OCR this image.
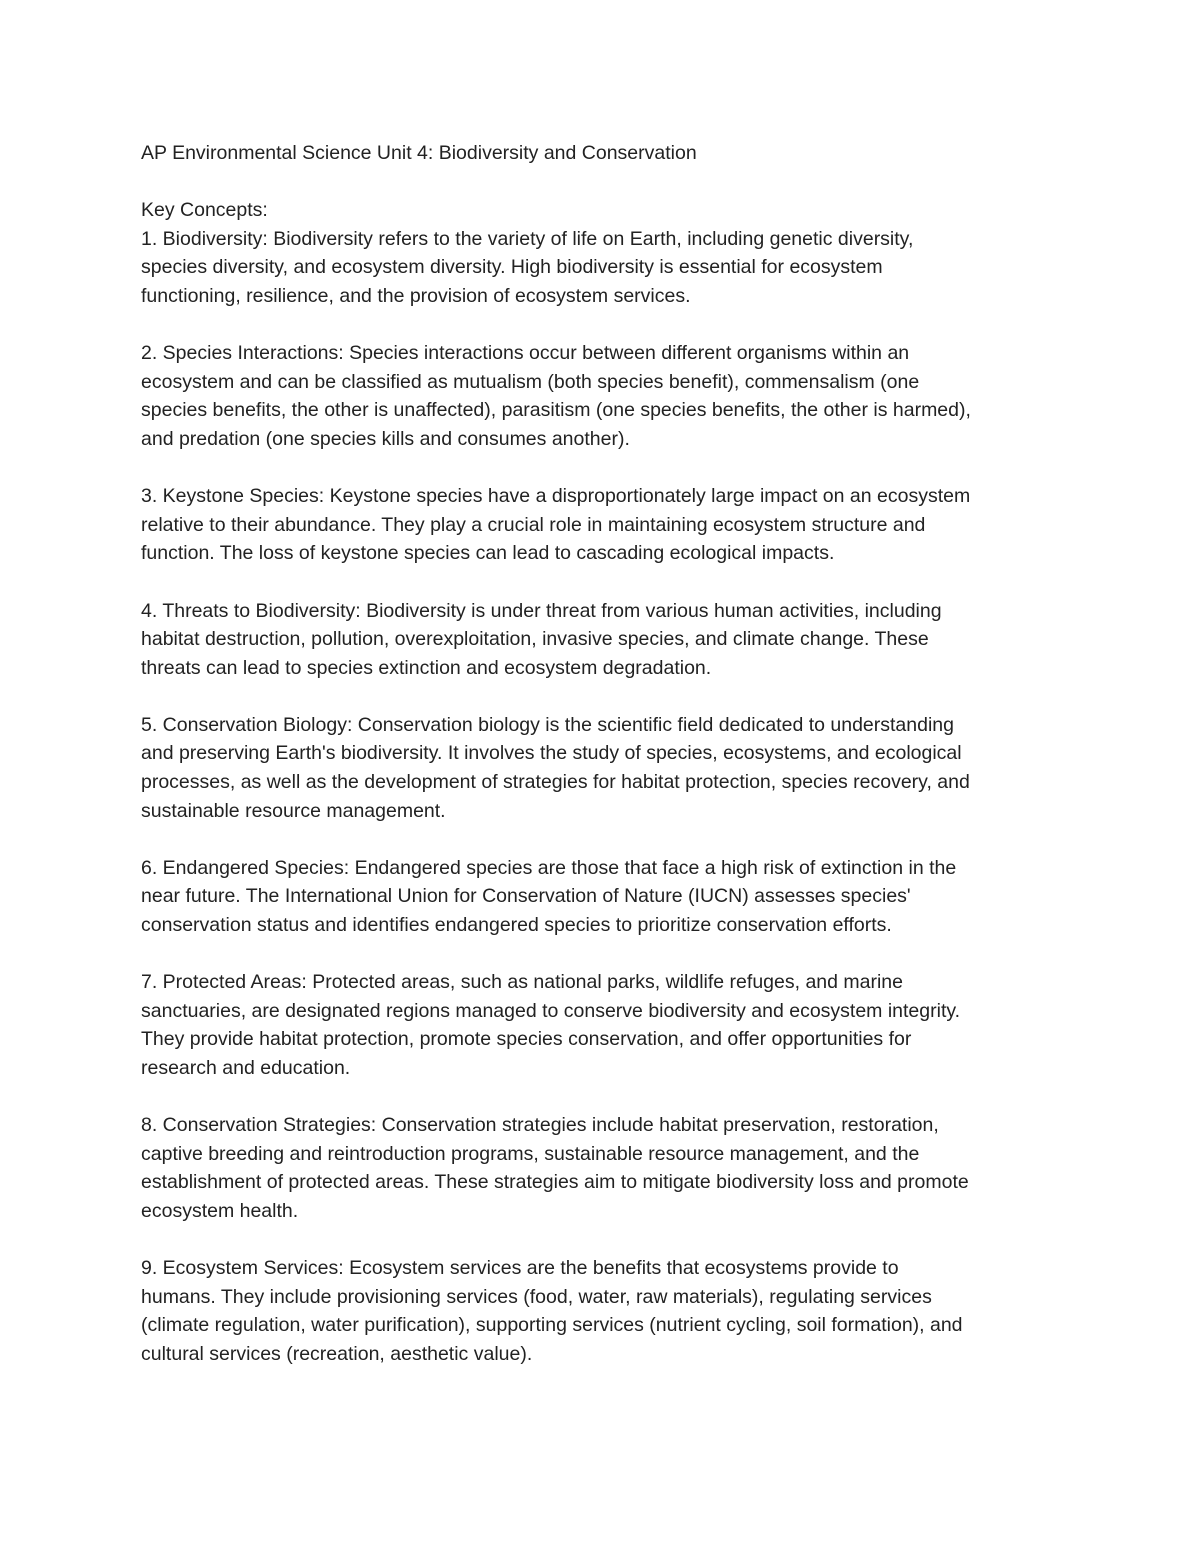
AP Environmental Science Unit 4: Biodiversity and Conservation
Key Concepts:
1. Biodiversity: Biodiversity refers to the variety of life on Earth, including genetic diversity,
species diversity, and ecosystem diversity. High biodiversity is essential for ecosystem
functioning, resilience, and the provision of ecosystem services.
2. Species Interactions: Species interactions occur between different organisms within an
ecosystem and can be classified as mutualism (both species benefit), commensalism (one
species benefits, the other is unaffected), parasitism (one species benefits, the other is harmed),
and predation (one species kills and consumes another).
3. Keystone Species: Keystone species have a disproportionately large impact on an ecosystem
relative to their abundance. They play a crucial role in maintaining ecosystem structure and
function. The loss of keystone species can lead to cascading ecological impacts.
4. Threats to Biodiversity: Biodiversity is under threat from various human activities, including
habitat destruction, pollution, overexploitation, invasive species, and climate change. These
threats can lead to species extinction and ecosystem degradation.
5. Conservation Biology: Conservation biology is the scientific field dedicated to understanding
and preserving Earth's biodiversity. It involves the study of species, ecosystems, and ecological
processes, as well as the development of strategies for habitat protection, species recovery, and
sustainable resource management.
6. Endangered Species: Endangered species are those that face a high risk of extinction in the
near future. The International Union for Conservation of Nature (IUCN) assesses species'
conservation status and identifies endangered species to prioritize conservation efforts.
7. Protected Areas: Protected areas, such as national parks, wildlife refuges, and marine
sanctuaries, are designated regions managed to conserve biodiversity and ecosystem integrity.
They provide habitat protection, promote species conservation, and offer opportunities for
research and education.
8. Conservation Strategies: Conservation strategies include habitat preservation, restoration,
captive breeding and reintroduction programs, sustainable resource management, and the
establishment of protected areas. These strategies aim to mitigate biodiversity loss and promote
ecosystem health.
9. Ecosystem Services: Ecosystem services are the benefits that ecosystems provide to
humans. They include provisioning services (food, water, raw materials), regulating services
(climate regulation, water purification), supporting services (nutrient cycling, soil formation), and
cultural services (recreation, aesthetic value).
